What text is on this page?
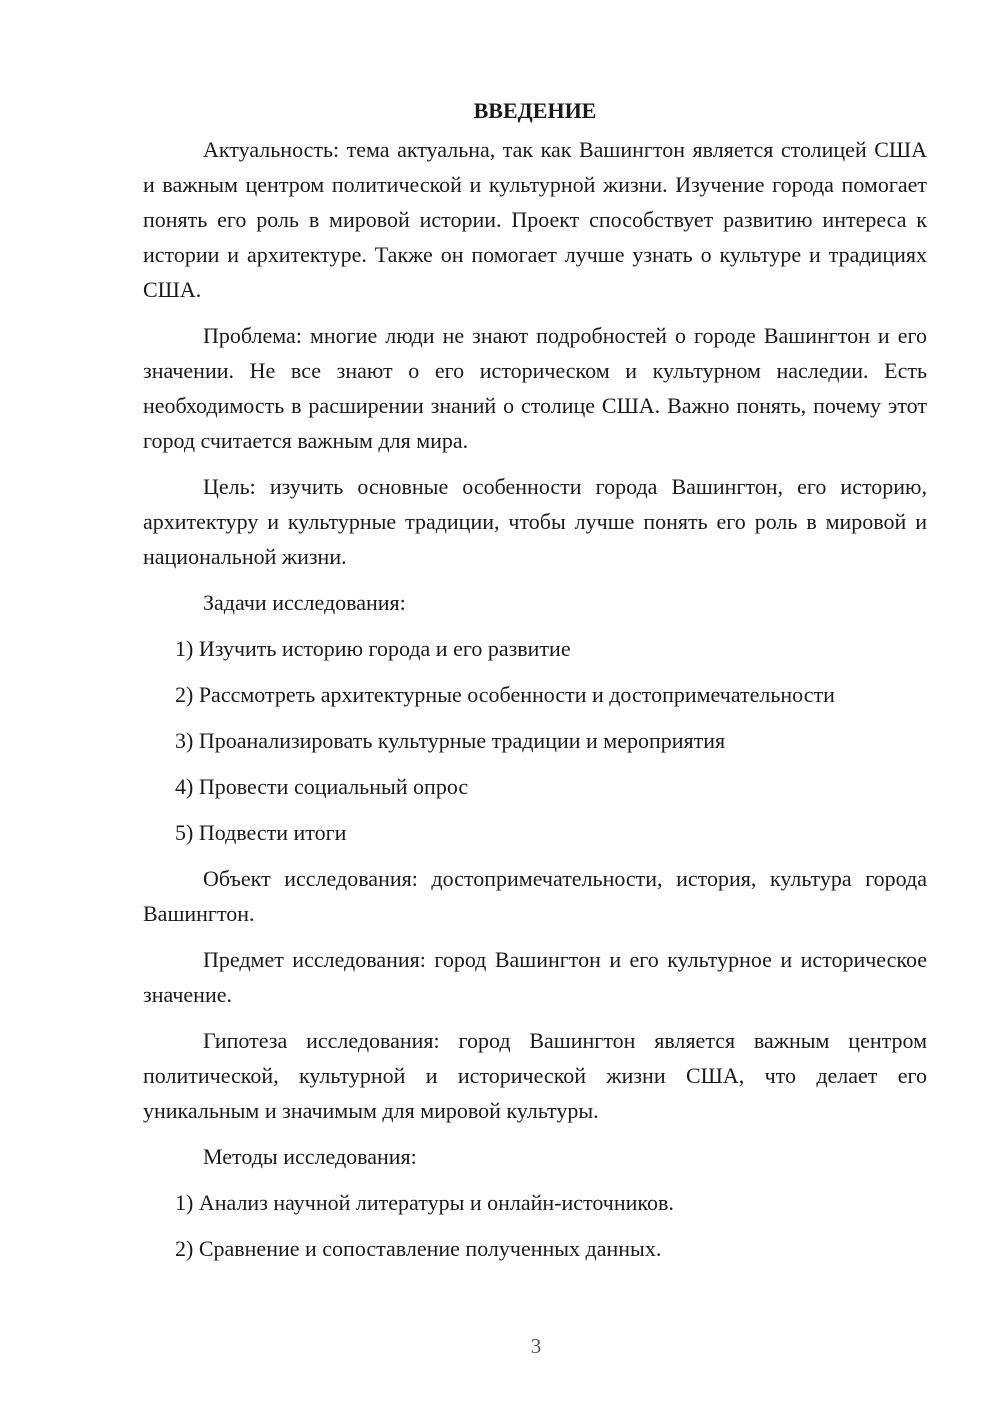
ВВЕДЕНИЕ

Актуальность: тема актуальна, так как Вашингтон является столицей США и важным центром политической и культурной жизни. Изучение города помогает понять его роль в мировой истории. Проект способствует развитию интереса к истории и архитектуре. Также он помогает лучше узнать о культуре и традициях США.

Проблема: многие люди не знают подробностей о городе Вашингтон и его значении. Не все знают о его историческом и культурном наследии. Есть необходимость в расширении знаний о столице США. Важно понять, почему этот город считается важным для мира.

Цель: изучить основные особенности города Вашингтон, его историю, архитектуру и культурные традиции, чтобы лучше понять его роль в мировой и национальной жизни.

Задачи исследования:

1) Изучить историю города и его развитие
2) Рассмотреть архитектурные особенности и достопримечательности
3) Проанализировать культурные традиции и мероприятия
4) Провести социальный опрос
5) Подвести итоги

Объект исследования: достопримечательности, история, культура города Вашингтон.

Предмет исследования: город Вашингтон и его культурное и историческое значение.

Гипотеза исследования: город Вашингтон является важным центром политической, культурной и исторической жизни США, что делает его уникальным и значимым для мировой культуры.

Методы исследования:

1) Анализ научной литературы и онлайн-источников.
2) Сравнение и сопоставление полученных данных.
3
